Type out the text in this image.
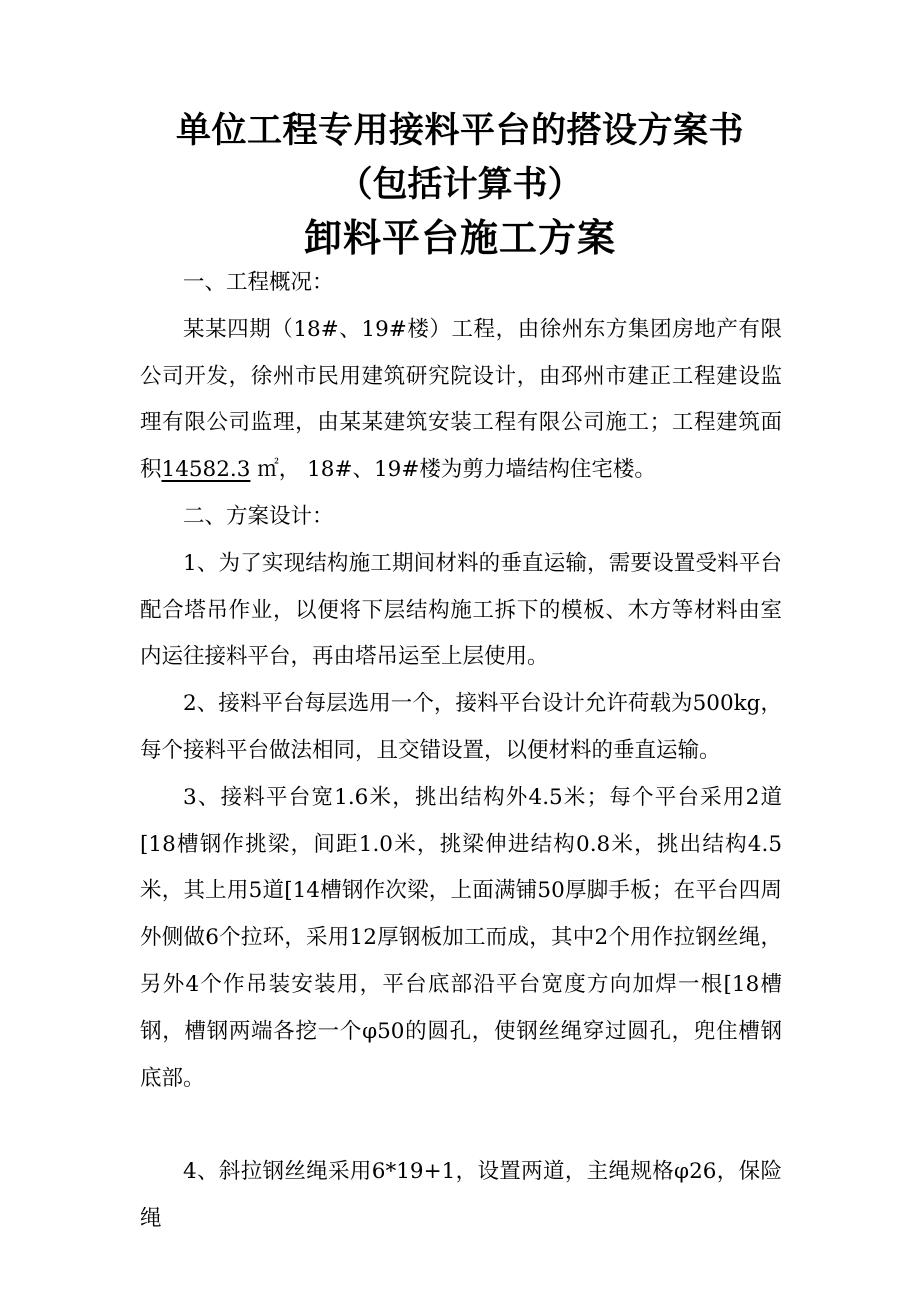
单位工程专用接料平台的搭设方案书
（包括计算书）
卸料平台施工方案

一、工程概况：

某某四期（18#、19#楼）工程，由徐州东方集团房地产有限公司开发，徐州市民用建筑研究院设计，由邳州市建正工程建设监理有限公司监理，由某某建筑安装工程有限公司施工；工程建筑面积14582.3 ㎡， 18#、19#楼为剪力墙结构住宅楼。

二、方案设计：

1、为了实现结构施工期间材料的垂直运输，需要设置受料平台配合塔吊作业，以便将下层结构施工拆下的模板、木方等材料由室内运往接料平台，再由塔吊运至上层使用。

2、接料平台每层选用一个，接料平台设计允许荷载为500kg，每个接料平台做法相同，且交错设置，以便材料的垂直运输。

3、接料平台宽1.6米，挑出结构外4.5米；每个平台采用2道[18槽钢作挑梁，间距1.0米，挑梁伸进结构0.8米，挑出结构4.5米，其上用5道[14槽钢作次梁，上面满铺50厚脚手板；在平台四周外侧做6个拉环，采用12厚钢板加工而成，其中2个用作拉钢丝绳，另外4个作吊装安装用，平台底部沿平台宽度方向加焊一根[18槽钢，槽钢两端各挖一个φ50的圆孔，使钢丝绳穿过圆孔，兜住槽钢底部。

4、斜拉钢丝绳采用6*19+1，设置两道，主绳规格φ26，保险绳
